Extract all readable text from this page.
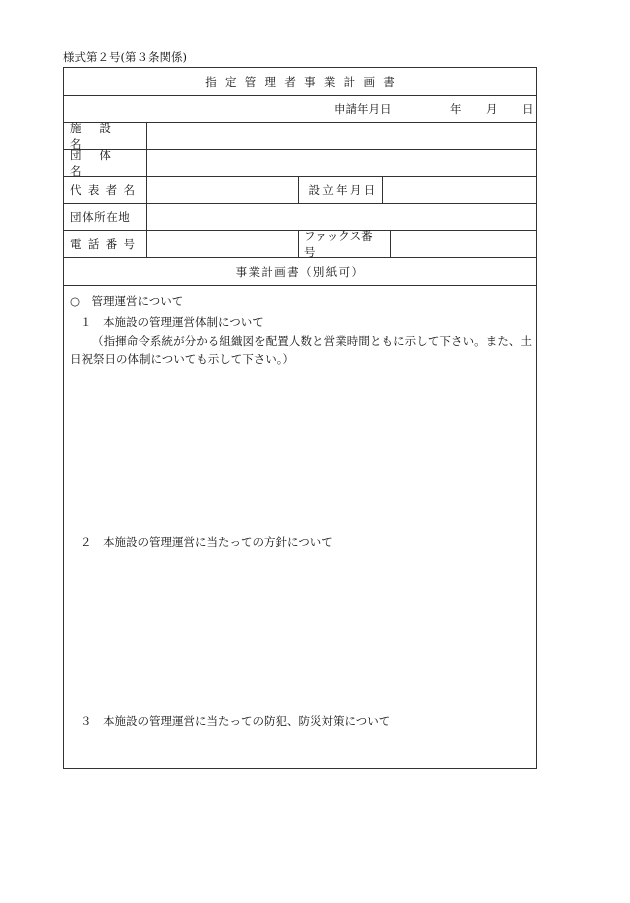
様式第２号(第３条関係)
指定管理者事業計画書
申請年月日	年 月 日
施設名
団体名
代表者名	設立年月日
団体所在地
電話番号
ファックス番号
事業計画書（別紙可）
○　管理運営について
１　本施設の管理運営体制について
（指揮命令系統が分かる組織図を配置人数と営業時間ともに示して下さい。また、土日祝祭日の体制についても示して下さい。）
２　本施設の管理運営に当たっての方針について
３　本施設の管理運営に当たっての防犯、防災対策について
